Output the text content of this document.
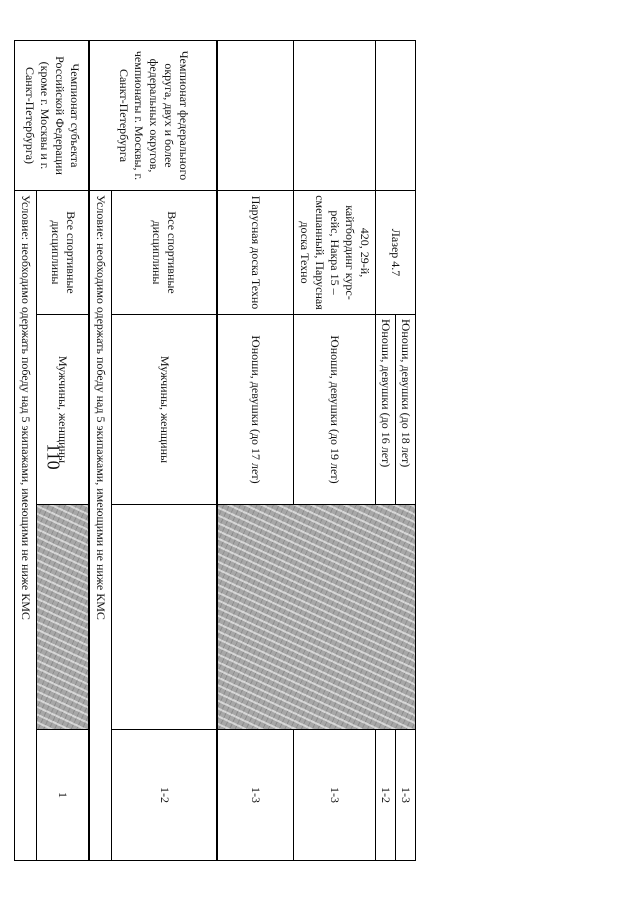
110
	Лазер 4.7	Юноши, девушки (до 18 лет)		1-3
		Юноши, девушки (до 16 лет)		1-2
	420, 29-й, кайтбординг курс-рейс, Накра 15 – смешанный, Парусная доска Техно	Юноши, девушки (до 19 лет)		1-3
	Парусная доска Техно	Юноши, девушки (до 17 лет)		1-3
Чемпионат федерального округа, двух и более федеральных округов, чемпионаты г. Москвы, г. Санкт-Петербурга	Все спортивные дисциплины	Мужчины, женщины		1-2
	Условие: необходимо одержать победу над 5 экипажами, имеющими не ниже КМС			
Чемпионат субъекта Российской Федерации (кроме г. Москвы и г. Санкт-Петербурга)	Все спортивные дисциплины	Мужчины, женщины		1
	Условие: необходимо одержать победу над 5 экипажами, имеющими не ниже КМС			
